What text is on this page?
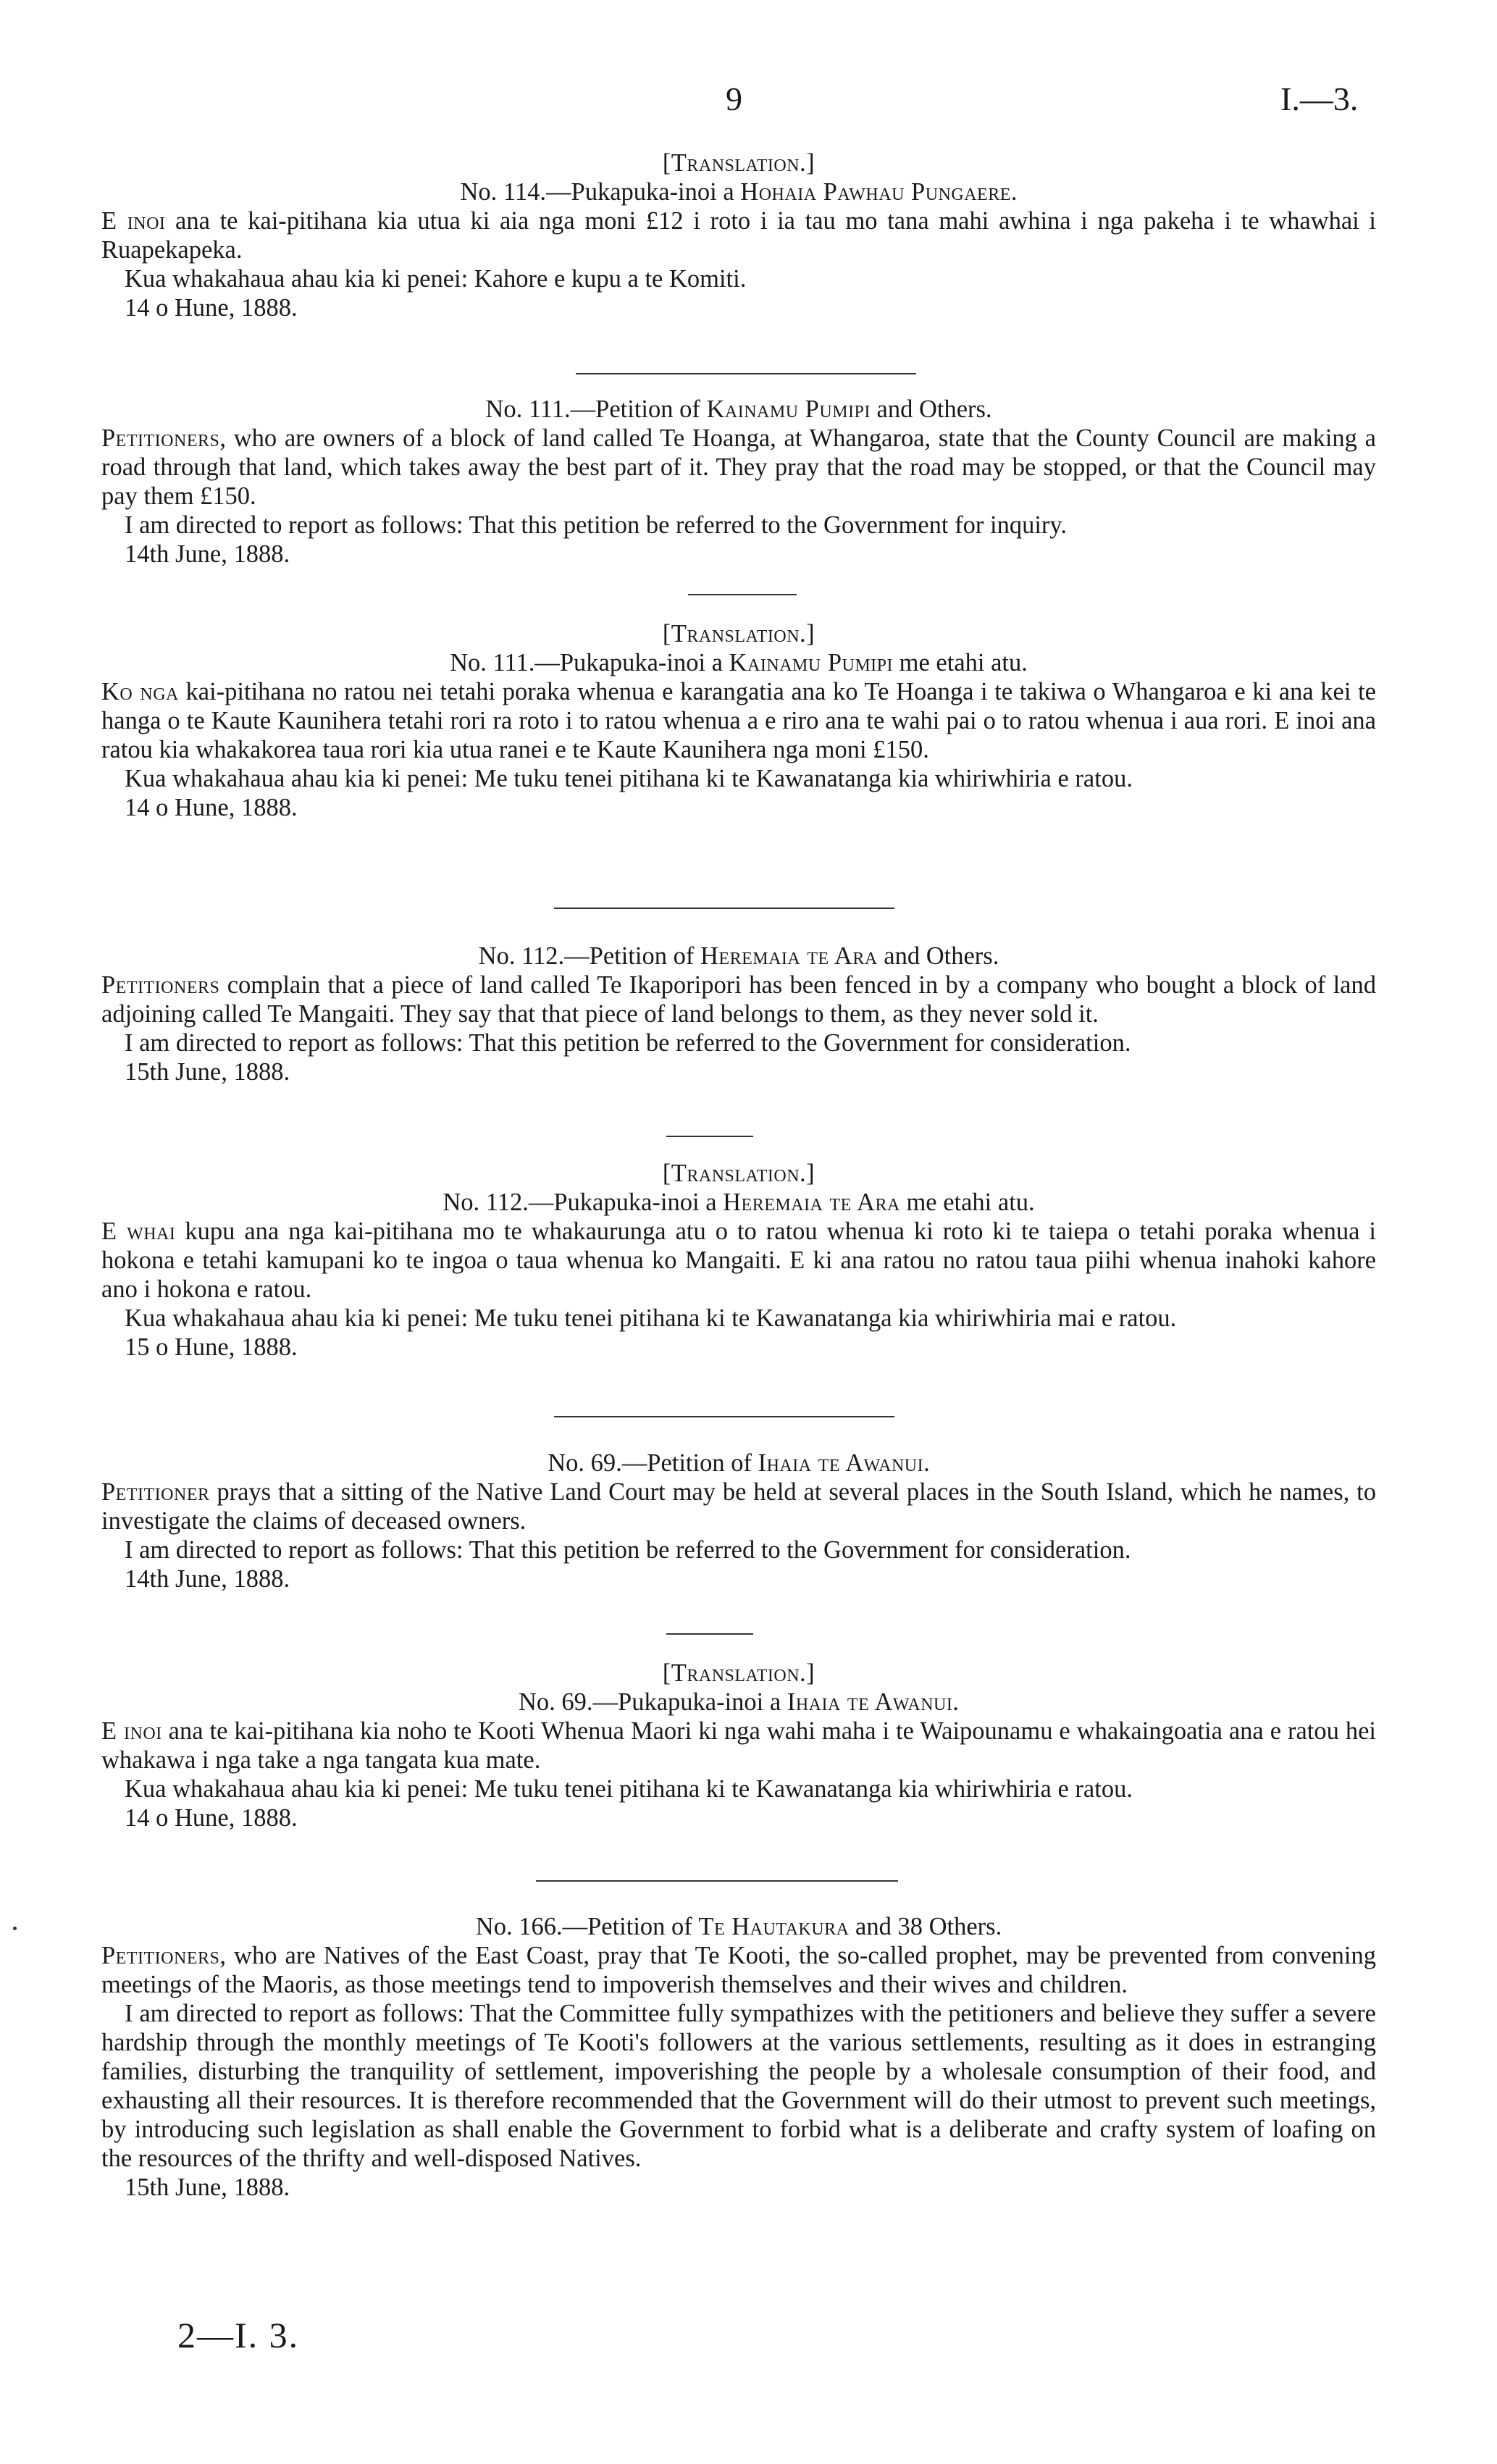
9	I.—3.

[Translation.]

No. 114.—Pukapuka-inoi a Hohaia Pawhau Pungaere.

E inoi ana te kai-pitihana kia utua ki aia nga moni £12 i roto i ia tau mo tana mahi awhina i nga pakeha i te whawhai i Ruapekapeka.

Kua whakahaua ahau kia ki penei: Kahore e kupu a te Komiti.

14 o Hune, 1888.

No. 111.—Petition of Kainamu Pumipi and Others.

Petitioners, who are owners of a block of land called Te Hoanga, at Whangaroa, state that the County Council are making a road through that land, which takes away the best part of it. They pray that the road may be stopped, or that the Council may pay them £150.

I am directed to report as follows: That this petition be referred to the Government for inquiry.

14th June, 1888.

[Translation.]

No. 111.—Pukapuka-inoi a Kainamu Pumipi me etahi atu.

Ko nga kai-pitihana no ratou nei tetahi poraka whenua e karangatia ana ko Te Hoanga i te takiwa o Whangaroa e ki ana kei te hanga o te Kaute Kaunihera tetahi rori ra roto i to ratou whenua a e riro ana te wahi pai o to ratou whenua i aua rori. E inoi ana ratou kia whakakorea taua rori kia utua ranei e te Kaute Kaunihera nga moni £150.

Kua whakahaua ahau kia ki penei: Me tuku tenei pitihana ki te Kawanatanga kia whiriwhiria e ratou.

14 o Hune, 1888.

No. 112.—Petition of Heremaia te Ara and Others.

Petitioners complain that a piece of land called Te Ikaporipori has been fenced in by a company who bought a block of land adjoining called Te Mangaiti. They say that that piece of land belongs to them, as they never sold it.

I am directed to report as follows: That this petition be referred to the Government for consideration.

15th June, 1888.

[Translation.]

No. 112.—Pukapuka-inoi a Heremaia te Ara me etahi atu.

E whai kupu ana nga kai-pitihana mo te whakaurunga atu o to ratou whenua ki roto ki te taiepa o tetahi poraka whenua i hokona e tetahi kamupani ko te ingoa o taua whenua ko Mangaiti. E ki ana ratou no ratou taua piihi whenua inahoki kahore ano i hokona e ratou.

Kua whakahaua ahau kia ki penei: Me tuku tenei pitihana ki te Kawanatanga kia whiriwhiria mai e ratou.

15 o Hune, 1888.

No. 69.—Petition of Ihaia te Awanui.

Petitioner prays that a sitting of the Native Land Court may be held at several places in the South Island, which he names, to investigate the claims of deceased owners.

I am directed to report as follows: That this petition be referred to the Government for consideration.

14th June, 1888.

[Translation.]

No. 69.—Pukapuka-inoi a Ihaia te Awanui.

E inoi ana te kai-pitihana kia noho te Kooti Whenua Maori ki nga wahi maha i te Waipounamu e whakaingoatia ana e ratou hei whakawa i nga take a nga tangata kua mate.

Kua whakahaua ahau kia ki penei: Me tuku tenei pitihana ki te Kawanatanga kia whiriwhiria e ratou.

14 o Hune, 1888.

No. 166.—Petition of Te Hautakura and 38 Others.

Petitioners, who are Natives of the East Coast, pray that Te Kooti, the so-called prophet, may be prevented from convening meetings of the Maoris, as those meetings tend to impoverish themselves and their wives and children.

I am directed to report as follows: That the Committee fully sympathizes with the petitioners and believe they suffer a severe hardship through the monthly meetings of Te Kooti's followers at the various settlements, resulting as it does in estranging families, disturbing the tranquility of settlement, impoverishing the people by a wholesale consumption of their food, and exhausting all their resources. It is therefore recommended that the Government will do their utmost to prevent such meetings, by introducing such legislation as shall enable the Government to forbid what is a deliberate and crafty system of loafing on the resources of the thrifty and well-disposed Natives.

15th June, 1888.

2—I. 3.
